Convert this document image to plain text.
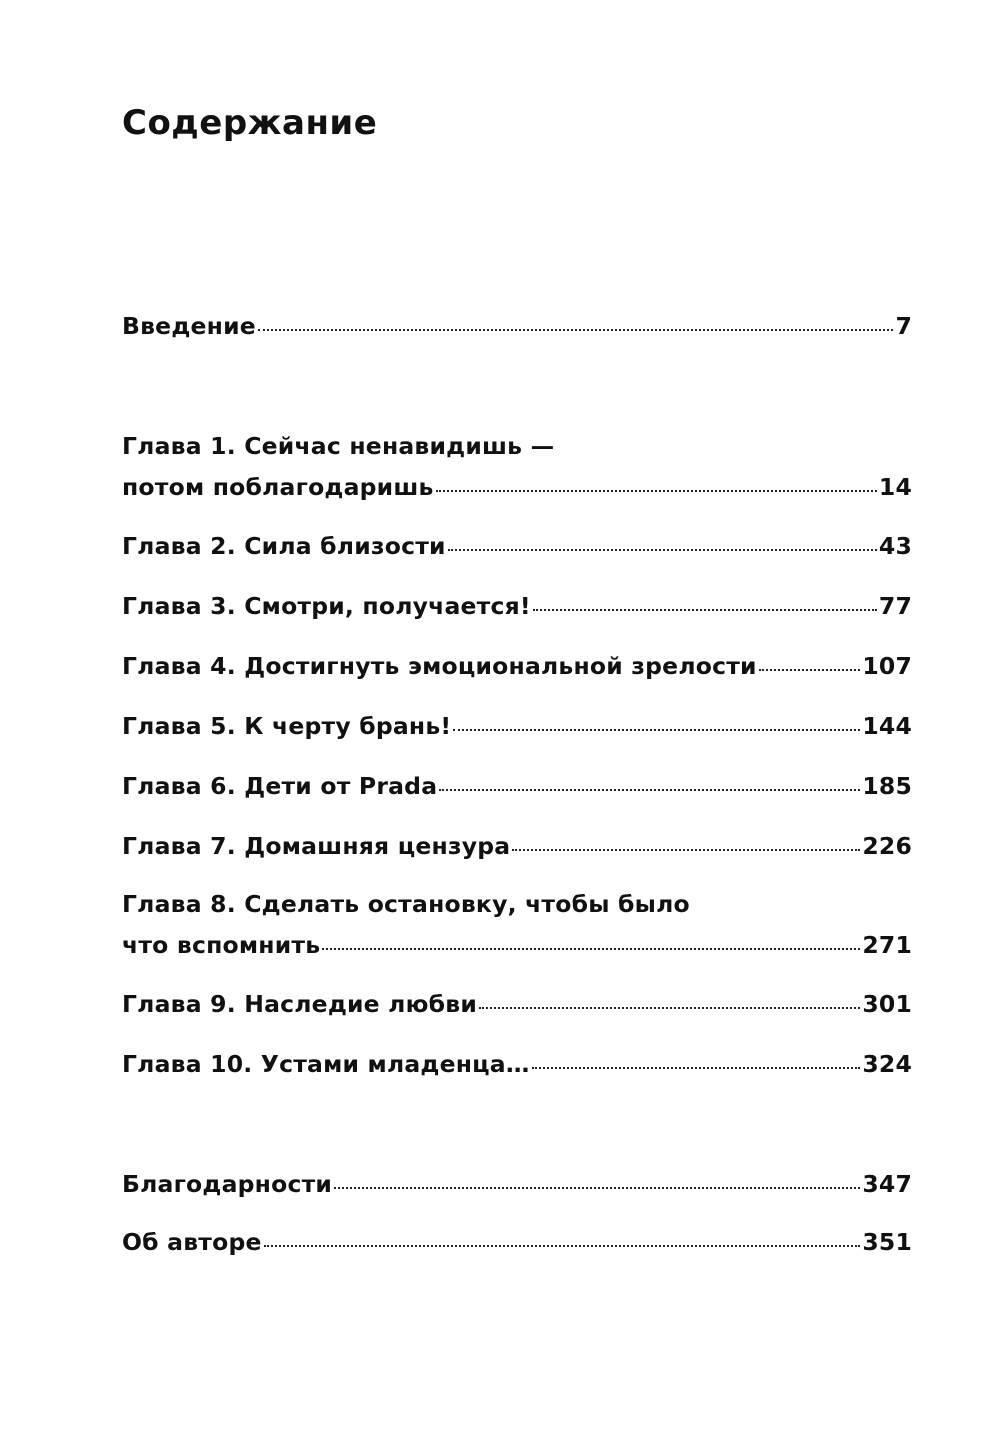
Содержание
Введение	7
Глава 1. Сейчас ненавидишь —
потом поблагодаришь	14
Глава 2. Сила близости	43
Глава 3. Смотри, получается!	77
Глава 4. Достигнуть эмоциональной зрелости	107
Глава 5. К черту брань!	144
Глава 6. Дети от Prada	185
Глава 7. Домашняя цензура	226
Глава 8. Сделать остановку, чтобы было
что вспомнить	271
Глава 9. Наследие любви	301
Глава 10. Устами младенца…	324
Благодарности	347
Об авторе	351
